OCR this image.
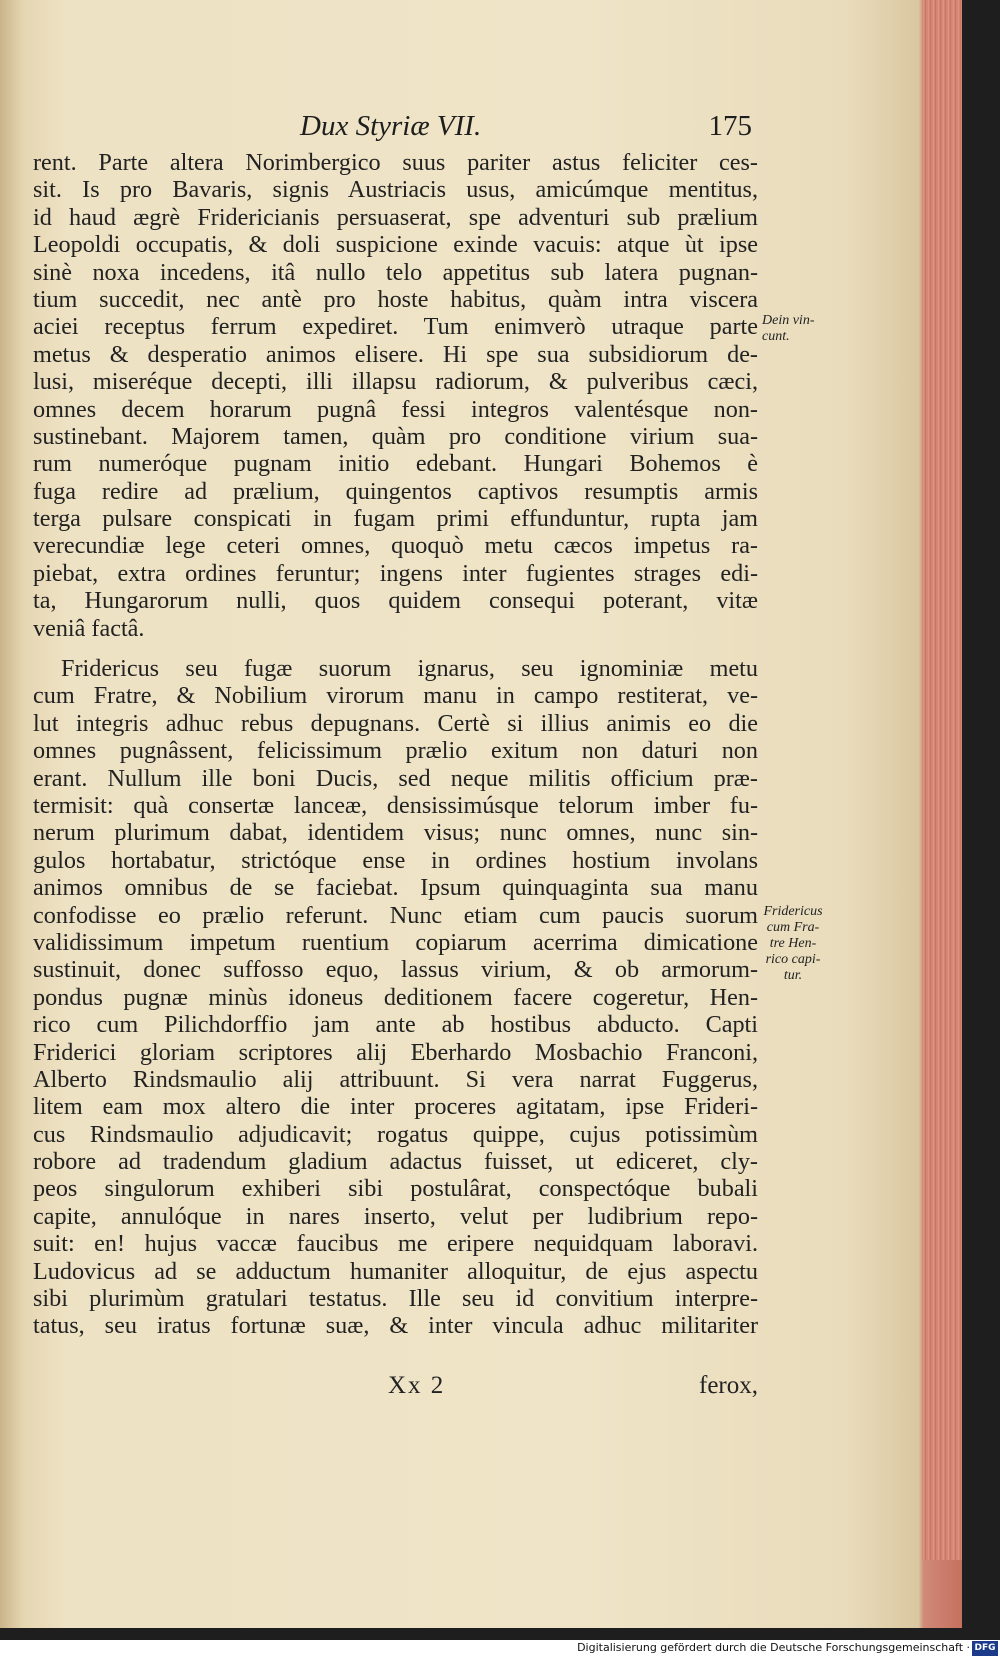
Dux Styriæ VII.	175
rent. Parte altera Norimbergico suus pariter astus feliciter ces-
sit. Is pro Bavaris, signis Austriacis usus, amicúmque mentitus,
id haud ægrè Fridericianis persuaserat, spe adventuri sub prælium
Leopoldi occupatis, & doli suspicione exinde vacuis: atque ùt ipse
sinè noxa incedens, itâ nullo telo appetitus sub latera pugnan-
tium succedit, nec antè pro hoste habitus, quàm intra viscera
aciei receptus ferrum expediret. Tum enimverò utraque parte
metus & desperatio animos elisere. Hi spe sua subsidiorum de-
lusi, miseréque decepti, illi illapsu radiorum, & pulveribus cæci,
omnes decem horarum pugnâ fessi integros valentésque non-
sustinebant. Majorem tamen, quàm pro conditione virium sua-
rum numeróque pugnam initio edebant. Hungari Bohemos è
fuga redire ad prælium, quingentos captivos resumptis armis
terga pulsare conspicati in fugam primi effunduntur, rupta jam
verecundiæ lege ceteri omnes, quoquò metu cæcos impetus ra-
piebat, extra ordines feruntur; ingens inter fugientes strages edi-
ta, Hungarorum nulli, quos quidem consequi poterant, vitæ
veniâ factâ.
Fridericus seu fugæ suorum ignarus, seu ignominiæ metu
cum Fratre, & Nobilium virorum manu in campo restiterat, ve-
lut integris adhuc rebus depugnans. Certè si illius animis eo die
omnes pugnâssent, felicissimum prælio exitum non daturi non
erant. Nullum ille boni Ducis, sed neque militis officium præ-
termisit: quà consertæ lanceæ, densissimúsque telorum imber fu-
nerum plurimum dabat, identidem visus; nunc omnes, nunc sin-
gulos hortabatur, strictóque ense in ordines hostium involans
animos omnibus de se faciebat. Ipsum quinquaginta sua manu
confodisse eo prælio referunt. Nunc etiam cum paucis suorum
validissimum impetum ruentium copiarum acerrima dimicatione
sustinuit, donec suffosso equo, lassus virium, & ob armorum-
pondus pugnæ minùs idoneus deditionem facere cogeretur, Hen-
rico cum Pilichdorffio jam ante ab hostibus abducto. Capti
Friderici gloriam scriptores alij Eberhardo Mosbachio Franconi,
Alberto Rindsmaulio alij attribuunt. Si vera narrat Fuggerus,
litem eam mox altero die inter proceres agitatam, ipse Frideri-
cus Rindsmaulio adjudicavit; rogatus quippe, cujus potissimùm
robore ad tradendum gladium adactus fuisset, ut ediceret, cly-
peos singulorum exhiberi sibi postulârat, conspectóque bubali
capite, annulóque in nares inserto, velut per ludibrium repo-
suit: en! hujus vaccæ faucibus me eripere nequidquam laboravi.
Ludovicus ad se adductum humaniter alloquitur, de ejus aspectu
sibi plurimùm gratulari testatus. Ille seu id convitium interpre-
tatus, seu iratus fortunæ suæ, & inter vincula adhuc militariter
Dein vin- cunt.
Fridericus cum Fra- tre Hen- rico capi- tur.
Xx 2	ferox,
Digitalisierung gefördert durch die Deutsche Forschungsgemeinschaft · DFG
